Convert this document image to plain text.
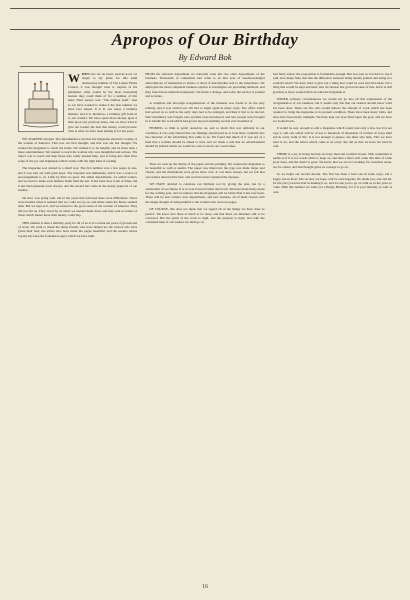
Apropos of Our Birthday
By Edward Bok

WHEN one six or eight months back we began to lay plans for this tenth anniversary number of The Ladies' Home Journal, it was thought wise to inquire of the publishers what would be the most interesting feature they could think of for a number of this kind. Their answer was: "The number itself." And so we have worked to make it the best number we have ever issued. It is in one sense a birthday number, and it is, therefore, a birthday gift from us to our readers. We have spent more money upon it than upon any previous issue, and we have tried to give our readers the best that money could procure. That is what we have been aiming at for ten years.

WE STARTED all right. The determination was that the magazine should be worthy of the women of America. That was our first thought, and that was our last thought. We wanted the magazine to reach the home. We wanted it to be helpful, and be more than a mere entertainment. We wanted to reach the woman who was thoughtful and serious. The object was to reach and help those who really needed help, and to bring into their lives some of the joy and brightness which comes with the right kind of reading.

The magazine was started in a small way. The first number was a few pages in size, and it was sent out with great hope. The response was immediate, and it was a source of encouragement to us. Little by little we grew. We added departments, we added writers, and we tried to make each number better than the last. It has been slow work at times, but it has been pleasant work always, and the reward has come in the steady approval of our readers.

SO ALL was going well, but in the years that followed there were difficulties. There were months when it seemed that we could not go on, and times when the future seemed dark. But we kept at it, and we trusted to the good sense of the women of America. They did not fail us. They stood by us when we needed them most, and they sent us letters of cheer which meant more than money could buy.

THIS number is then a birthday party for all of us. It is to mark ten years of growth and of work. We wish to thank the many friends who have helped us; the writers who have given their best; the artists who have made the pages beautiful; and the readers whose loyalty has been the foundation upon which we have built.

FROM the editorial department we naturally went into the other departments of the business. Thousands of complaints had come to us that year of unacknowledged subscriptions, of inattention to letters, or short of merchandise sent to the subscribers. We employed the most competent business experts to investigate our prevailing methods, and they found those methods inadequate. We made a change, and today the service is prompt and accurate.

A complete and thorough reorganization of the business was found to be the only remedy, and it was carried out. We had to begin again in many ways. The office which had served us so well in the early days had to be enlarged, and then it had to be moved. New machinery was bought, new systems were introduced, and new people were brought in to handle the work which had grown beyond anything we had ever dreamed of.

FINDING so little to profit ourselves on, and so much that was deficient in our condition, it was only natural that our findings should lead us to look more carefully into the character of the advertising that came to us. We found that much of it was not of a kind that a woman should be asked to read, and we made a rule that no advertisement should be printed which we would not care to see in our own homes.

Then we took up the matter of the paper and the printing. We wanted the magazine to be beautiful as well as useful. The paper was improved, the type was made larger and clearer, and the illustrations were given more care. It cost more money, but we felt that our readers deserved the best, and we have never regretted the expense.

WE HAVE decided to celebrate our birthday not by giving the past, but by a celebration of our future. It is to look forward rather than back. We have made many plans for the coming year, and we believe that the magazine will be better than it has ever been. There will be new writers, new departments, and new features, all of them chosen with the single thought of being helpful to the women who read our pages.

OF COURSE, this does not mean that we regard all of the things we have done as perfect. We know that there is much to be done, and that there are mistakes still to be corrected. But the spirit of the work is right, and the purpose is right, and with the continued help of our readers we shall go on.

Just fairly stated, the proposition is formidable enough. But now just as it is hard to say it well, how many fully describe the difference between being merely printed and being in a woman's heart? We have tried to give not a thing that could be read and laid aside, but a thing that would be kept and used. Our circulation has grown because of this, and it is still growing as more women find out what the magazine is.

UNDER ordinary circumstances we would not go into all this explanation of the reorganization of our business, but it seems only fair that our readers should know what has been done. There are few who would believe the amount of work which has been required to bring the magazine to its present condition. There have been many trials, and there have been many triumphs. We have kept our eyes fixed upon the goal, and we have not looked back.

It would be easy enough to edit a magazine which would suit only a few, but it is not easy to edit one which will be of use to hundreds of thousands of women of every kind and in every walk of life. It is not enough to please; one must also help. This we have tried to do, and the letters which come to us every day tell us that we have not tried in vain.

THERE is a joy in living bravely, in every man and woman's house. Still, sometimes it seems as if it is not worth while to keep on, and then a letter will come that tells of some good done, and the doubt is gone. We know that we are not working for ourselves alone, but for others, and that thought gives us courage to go on.

So we begin our second decade. The first has been a hard one in some ways, but a happy one in most. The second, we hope, will be even happier. We thank you, one and all, for the part you have had in making it so, and we ask you to go on with us in the years to come. With this number we wish you a Happy Birthday, for it is your birthday as well as ours.

16
